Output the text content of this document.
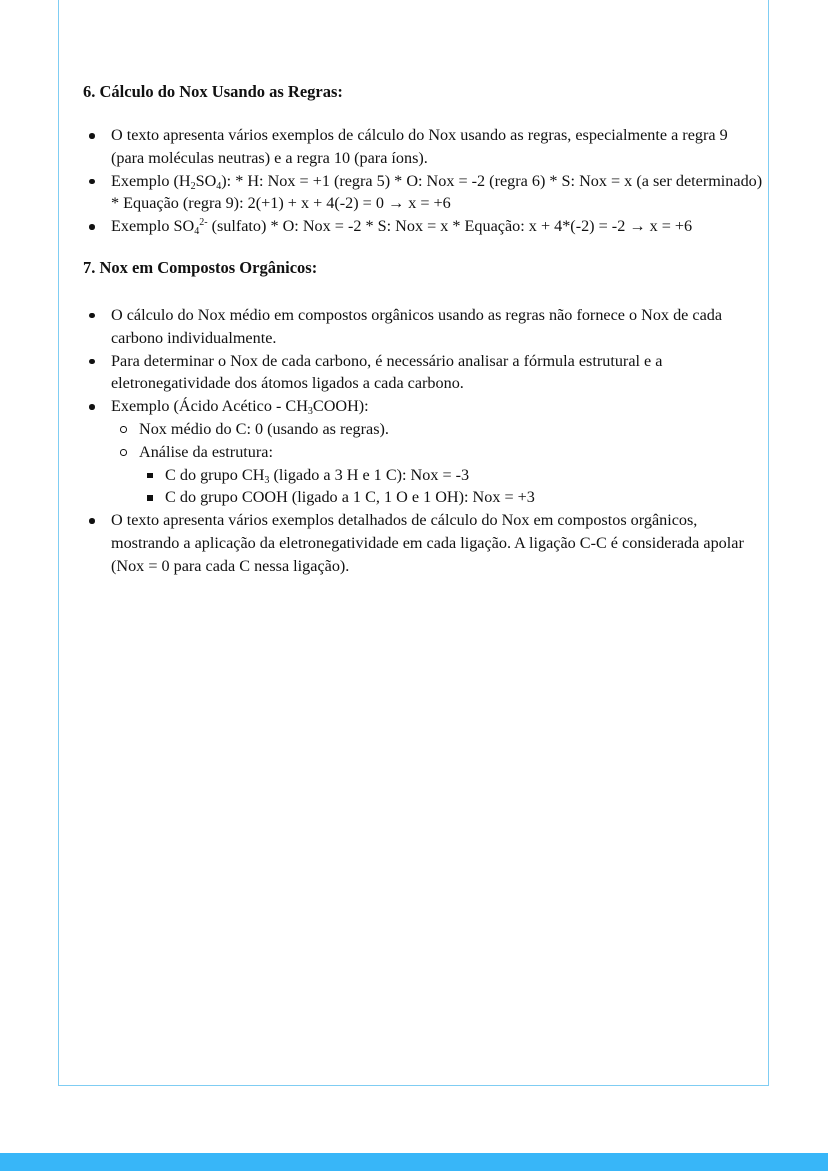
6. Cálculo do Nox Usando as Regras:
O texto apresenta vários exemplos de cálculo do Nox usando as regras, especialmente a regra 9 (para moléculas neutras) e a regra 10 (para íons).
Exemplo $(H_2SO_4)$: * H: Nox = +1 (regra 5) * O: Nox = -2 (regra 6) * S: Nox = x (a ser determinado) * Equação (regra 9): 2(+1) + x + 4(-2) = 0 → x = +6
Exemplo $SO_4^{2-}$ (sulfato) * O: Nox = -2 * S: Nox = x * Equação: x + 4*(-2) = -2 → x = +6
7. Nox em Compostos Orgânicos:
O cálculo do Nox médio em compostos orgânicos usando as regras não fornece o Nox de cada carbono individualmente.
Para determinar o Nox de cada carbono, é necessário analisar a fórmula estrutural e a eletronegatividade dos átomos ligados a cada carbono.
Exemplo (Ácido Acético - $CH_3COOH$):
Nox médio do C: 0 (usando as regras).
Análise da estrutura:
C do grupo $CH_3$ (ligado a 3 H e 1 C): Nox = -3
C do grupo COOH (ligado a 1 C, 1 O e 1 OH): Nox = +3
O texto apresenta vários exemplos detalhados de cálculo do Nox em compostos orgânicos, mostrando a aplicação da eletronegatividade em cada ligação. A ligação C-C é considerada apolar (Nox = 0 para cada C nessa ligação).
